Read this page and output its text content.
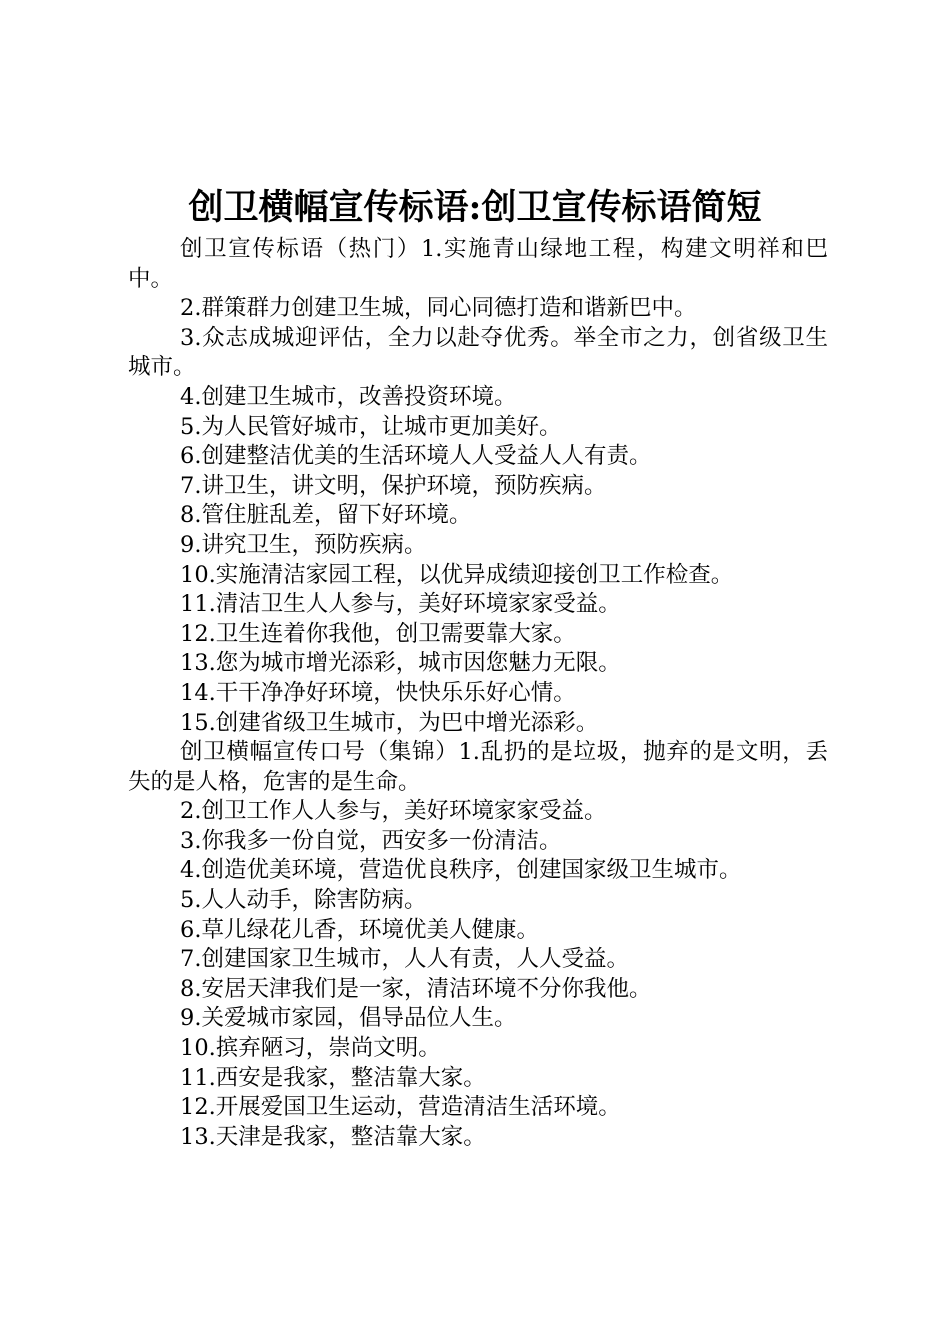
创卫横幅宣传标语:创卫宣传标语简短

创卫宣传标语（热门）1.实施青山绿地工程，构建文明祥和巴中。

2.群策群力创建卫生城，同心同德打造和谐新巴中。

3.众志成城迎评估，全力以赴夺优秀。举全市之力，创省级卫生城市。

4.创建卫生城市，改善投资环境。

5.为人民管好城市，让城市更加美好。

6.创建整洁优美的生活环境人人受益人人有责。

7.讲卫生，讲文明，保护环境，预防疾病。

8.管住脏乱差，留下好环境。

9.讲究卫生，预防疾病。

10.实施清洁家园工程，以优异成绩迎接创卫工作检查。

11.清洁卫生人人参与，美好环境家家受益。

12.卫生连着你我他，创卫需要靠大家。

13.您为城市增光添彩，城市因您魅力无限。

14.干干净净好环境，快快乐乐好心情。

15.创建省级卫生城市，为巴中增光添彩。

创卫横幅宣传口号（集锦）1.乱扔的是垃圾，抛弃的是文明，丢失的是人格，危害的是生命。

2.创卫工作人人参与，美好环境家家受益。

3.你我多一份自觉，西安多一份清洁。

4.创造优美环境，营造优良秩序，创建国家级卫生城市。

5.人人动手，除害防病。

6.草儿绿花儿香，环境优美人健康。

7.创建国家卫生城市，人人有责，人人受益。

8.安居天津我们是一家，清洁环境不分你我他。

9.关爱城市家园，倡导品位人生。

10.摈弃陋习，崇尚文明。

11.西安是我家，整洁靠大家。

12.开展爱国卫生运动，营造清洁生活环境。

13.天津是我家，整洁靠大家。
